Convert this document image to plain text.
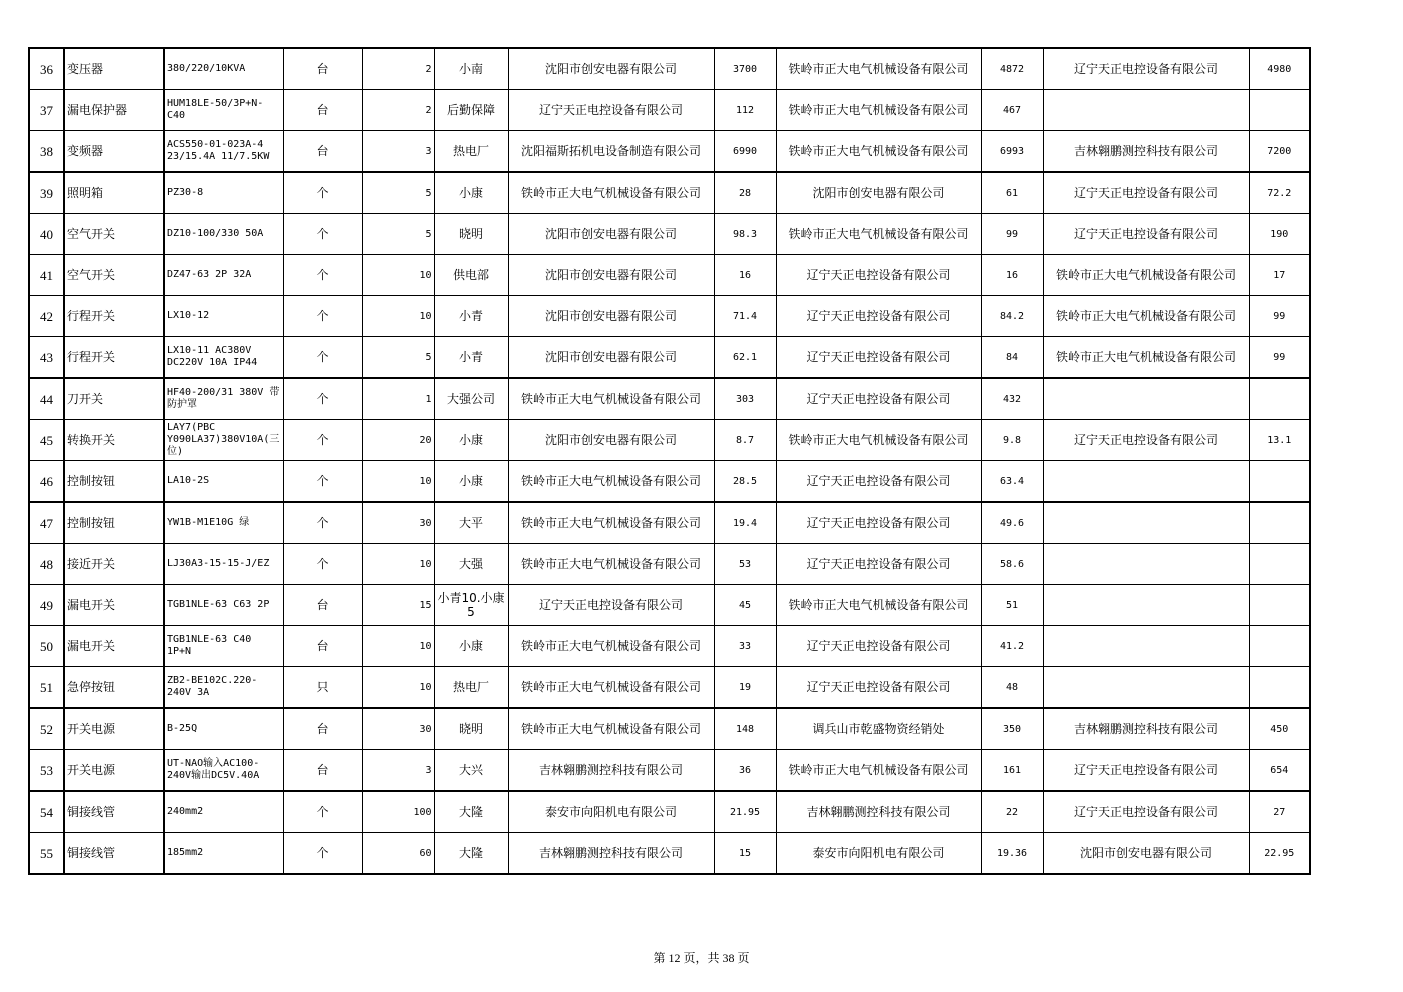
36	变压器	380/220/10KVA	台	2	小南	沈阳市创安电器有限公司	3700	铁岭市正大电气机械设备有限公司	4872	辽宁天正电控设备有限公司	4980
37	漏电保护器	HUM18LE-50/3P+N-C40	台	2	后勤保障	辽宁天正电控设备有限公司	112	铁岭市正大电气机械设备有限公司	467		
38	变频器	ACS550-01-023A-4 23/15.4A 11/7.5KW	台	3	热电厂	沈阳福斯拓机电设备制造有限公司	6990	铁岭市正大电气机械设备有限公司	6993	吉林翱鹏测控科技有限公司	7200
39	照明箱	PZ30-8	个	5	小康	铁岭市正大电气机械设备有限公司	28	沈阳市创安电器有限公司	61	辽宁天正电控设备有限公司	72.2
40	空气开关	DZ10-100/330 50A	个	5	晓明	沈阳市创安电器有限公司	98.3	铁岭市正大电气机械设备有限公司	99	辽宁天正电控设备有限公司	190
41	空气开关	DZ47-63 2P 32A	个	10	供电部	沈阳市创安电器有限公司	16	辽宁天正电控设备有限公司	16	铁岭市正大电气机械设备有限公司	17
42	行程开关	LX10-12	个	10	小青	沈阳市创安电器有限公司	71.4	辽宁天正电控设备有限公司	84.2	铁岭市正大电气机械设备有限公司	99
43	行程开关	LX10-11 AC380V DC220V 10A IP44	个	5	小青	沈阳市创安电器有限公司	62.1	辽宁天正电控设备有限公司	84	铁岭市正大电气机械设备有限公司	99
44	刀开关	HF40-200/31 380V 带防护罩	个	1	大强公司	铁岭市正大电气机械设备有限公司	303	辽宁天正电控设备有限公司	432		
45	转换开关	LAY7(PBC Y090LA37)380V10A(三位)	个	20	小康	沈阳市创安电器有限公司	8.7	铁岭市正大电气机械设备有限公司	9.8	辽宁天正电控设备有限公司	13.1
46	控制按钮	LA10-2S	个	10	小康	铁岭市正大电气机械设备有限公司	28.5	辽宁天正电控设备有限公司	63.4		
47	控制按钮	YW1B-M1E10G 绿	个	30	大平	铁岭市正大电气机械设备有限公司	19.4	辽宁天正电控设备有限公司	49.6		
48	接近开关	LJ30A3-15-15-J/EZ	个	10	大强	铁岭市正大电气机械设备有限公司	53	辽宁天正电控设备有限公司	58.6		
49	漏电开关	TGB1NLE-63 C63 2P	台	15	小青10.小康5	辽宁天正电控设备有限公司	45	铁岭市正大电气机械设备有限公司	51		
50	漏电开关	TGB1NLE-63 C40 1P+N	台	10	小康	铁岭市正大电气机械设备有限公司	33	辽宁天正电控设备有限公司	41.2		
51	急停按钮	ZB2-BE102C.220-240V 3A	只	10	热电厂	铁岭市正大电气机械设备有限公司	19	辽宁天正电控设备有限公司	48		
52	开关电源	B-25Q	台	30	晓明	铁岭市正大电气机械设备有限公司	148	调兵山市乾盛物资经销处	350	吉林翱鹏测控科技有限公司	450
53	开关电源	UT-NAO输入AC100-240V输出DC5V.40A	台	3	大兴	吉林翱鹏测控科技有限公司	36	铁岭市正大电气机械设备有限公司	161	辽宁天正电控设备有限公司	654
54	铜接线管	240mm2	个	100	大隆	泰安市向阳机电有限公司	21.95	吉林翱鹏测控科技有限公司	22	辽宁天正电控设备有限公司	27
55	铜接线管	185mm2	个	60	大隆	吉林翱鹏测控科技有限公司	15	泰安市向阳机电有限公司	19.36	沈阳市创安电器有限公司	22.95
第 12 页，共 38 页
